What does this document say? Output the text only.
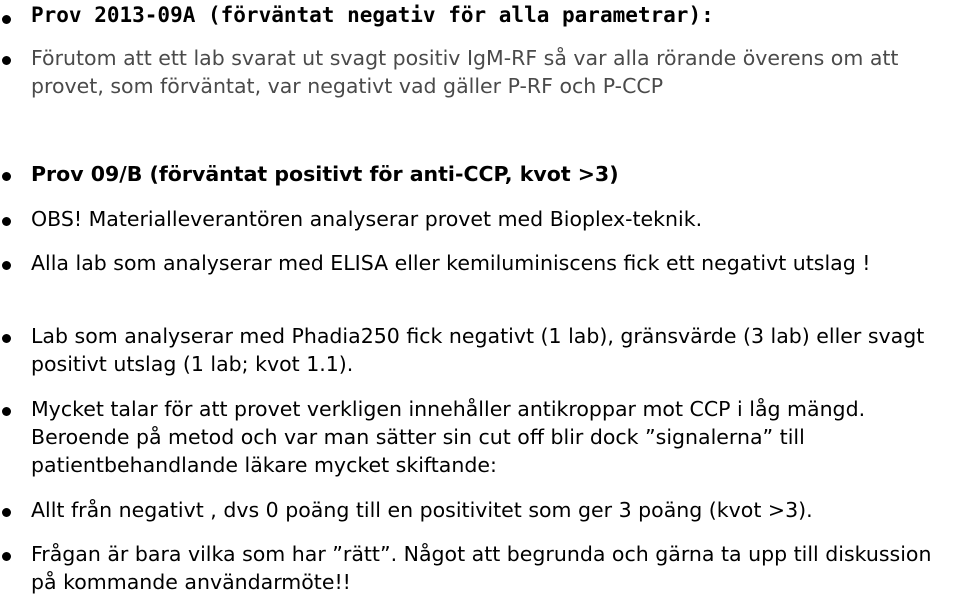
Prov 2013-09A (förväntat negativ för alla parametrar):
Förutom att ett lab svarat ut svagt positiv IgM-RF så var alla rörande överens om att provet, som förväntat, var negativt vad gäller P-RF och P-CCP
Prov 09/B (förväntat positivt för anti-CCP, kvot >3)
OBS! Materialleverantören analyserar provet med Bioplex-teknik.
Alla lab som analyserar med ELISA eller kemiluminiscens fick ett negativt utslag !
Lab som analyserar med Phadia250 fick negativt (1 lab), gränsvärde (3 lab) eller svagt positivt utslag (1 lab; kvot 1.1).
Mycket talar för att provet verkligen innehåller antikroppar mot CCP i låg mängd. Beroende på metod och var man sätter sin cut off blir dock ”signalerna” till patientbehandlande läkare mycket skiftande:
Allt från negativt , dvs 0 poäng till en positivitet som ger 3 poäng (kvot >3).
Frågan är bara vilka som har ”rätt”. Något att begrunda och gärna ta upp till diskussion på kommande användarmöte!!
